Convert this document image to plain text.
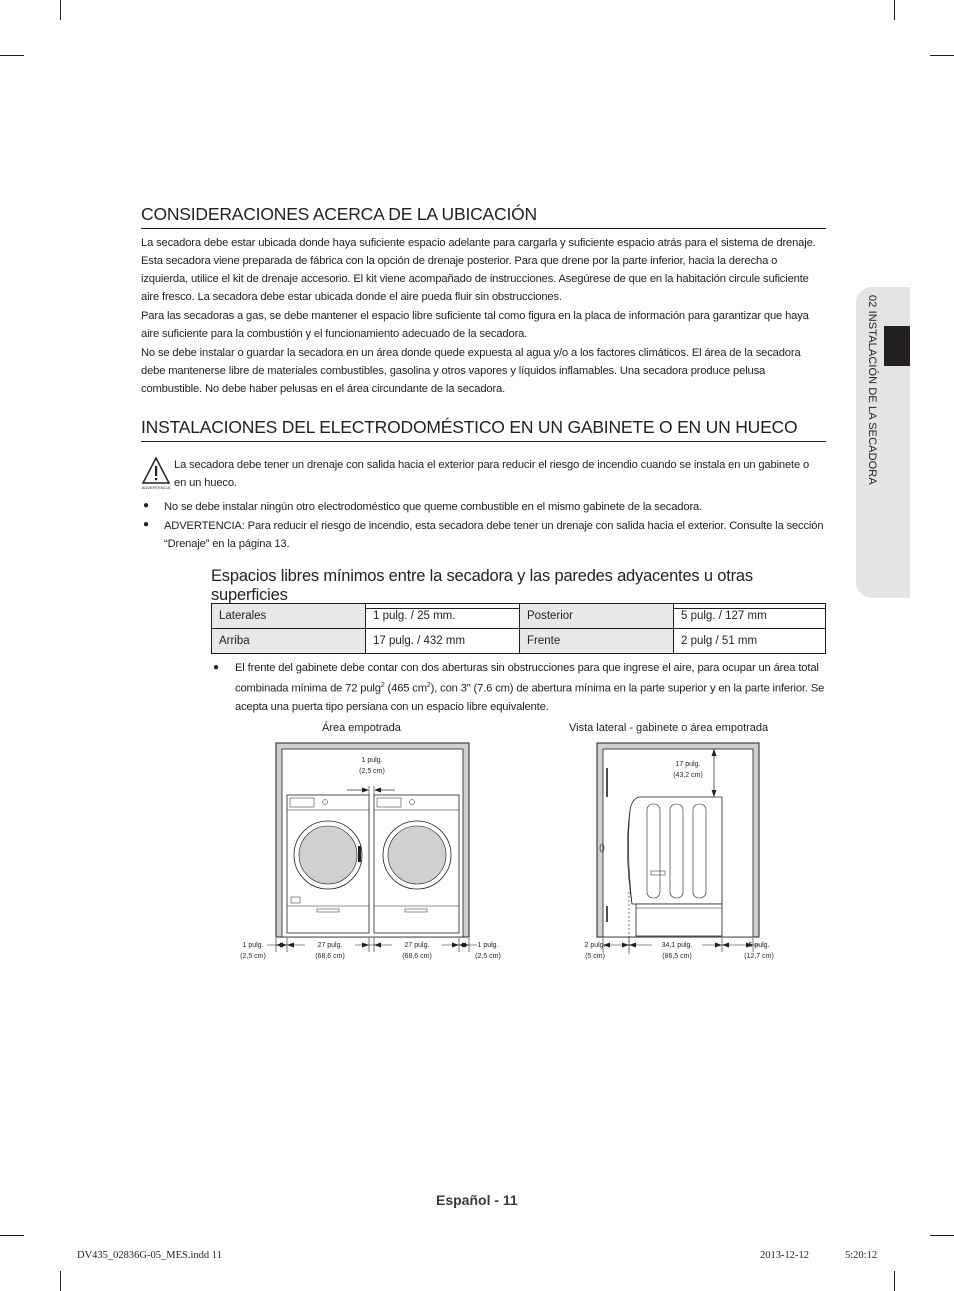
02 INSTALACIÓN DE LA SECADORA
CONSIDERACIONES ACERCA DE LA UBICACIÓN

La secadora debe estar ubicada donde haya suficiente espacio adelante para cargarla y suficiente espacio atrás para el sistema de drenaje. Esta secadora viene preparada de fábrica con la opción de drenaje posterior. Para que drene por la parte inferior, hacia la derecha o izquierda, utilice el kit de drenaje accesorio. El kit viene acompañado de instrucciones. Asegúrese de que en la habitación circule suficiente aire fresco. La secadora debe estar ubicada donde el aire pueda fluir sin obstrucciones.

Para las secadoras a gas, se debe mantener el espacio libre suficiente tal como figura en la placa de información para garantizar que haya aire suficiente para la combustión y el funcionamiento adecuado de la secadora.

No se debe instalar o guardar la secadora en un área donde quede expuesta al agua y/o a los factores climáticos. El área de la secadora debe mantenerse libre de materiales combustibles, gasolina y otros vapores y líquidos inflamables. Una secadora produce pelusa combustible. No debe haber pelusas en el área circundante de la secadora.

INSTALACIONES DEL ELECTRODOMÉSTICO EN UN GABINETE O EN UN HUECO
ADVERTENCIA

La secadora debe tener un drenaje con salida hacia el exterior para reducir el riesgo de incendio cuando se instala en un gabinete o en un hueco.

● No se debe instalar ningún otro electrodoméstico que queme combustible en el mismo gabinete de la secadora.

● ADVERTENCIA: Para reducir el riesgo de incendio, esta secadora debe tener un drenaje con salida hacia el exterior. Consulte la sección “Drenaje” en la página 13.

Espacios libres mínimos entre la secadora y las paredes adyacentes u otras superficies
Laterales	1 pulg. / 25 mm.	Posterior	5 pulg. / 127 mm
Arriba	17 pulg. / 432 mm	Frente	2 pulg / 51 mm
● El frente del gabinete debe contar con dos aberturas sin obstrucciones para que ingrese el aire, para ocupar un área total combinada mínima de 72 pulg$^2$ (465 $cm^2$), con 3" (7.6 cm) de abertura mínima en la parte superior y en la parte inferior. Se acepta una puerta tipo persiana con un espacio libre equivalente.

Área empotrada	Vista lateral - gabinete o área empotrada
1 pulg.
(2,5 cm)
1 pulg.
(2,5 cm)
27 pulg.
(68,6 cm)
27 pulg.
(68,6 cm)
1 pulg.
(2,5 cm)
17 pulg.
(43,2 cm)
2 pulg.
(5 cm)
34,1 pulg.
(86,5 cm)
5 pulg.
(12,7 cm)
Español - 11
DV435_02836G-05_MES.indd 11	2013-12-12	5:20:12
